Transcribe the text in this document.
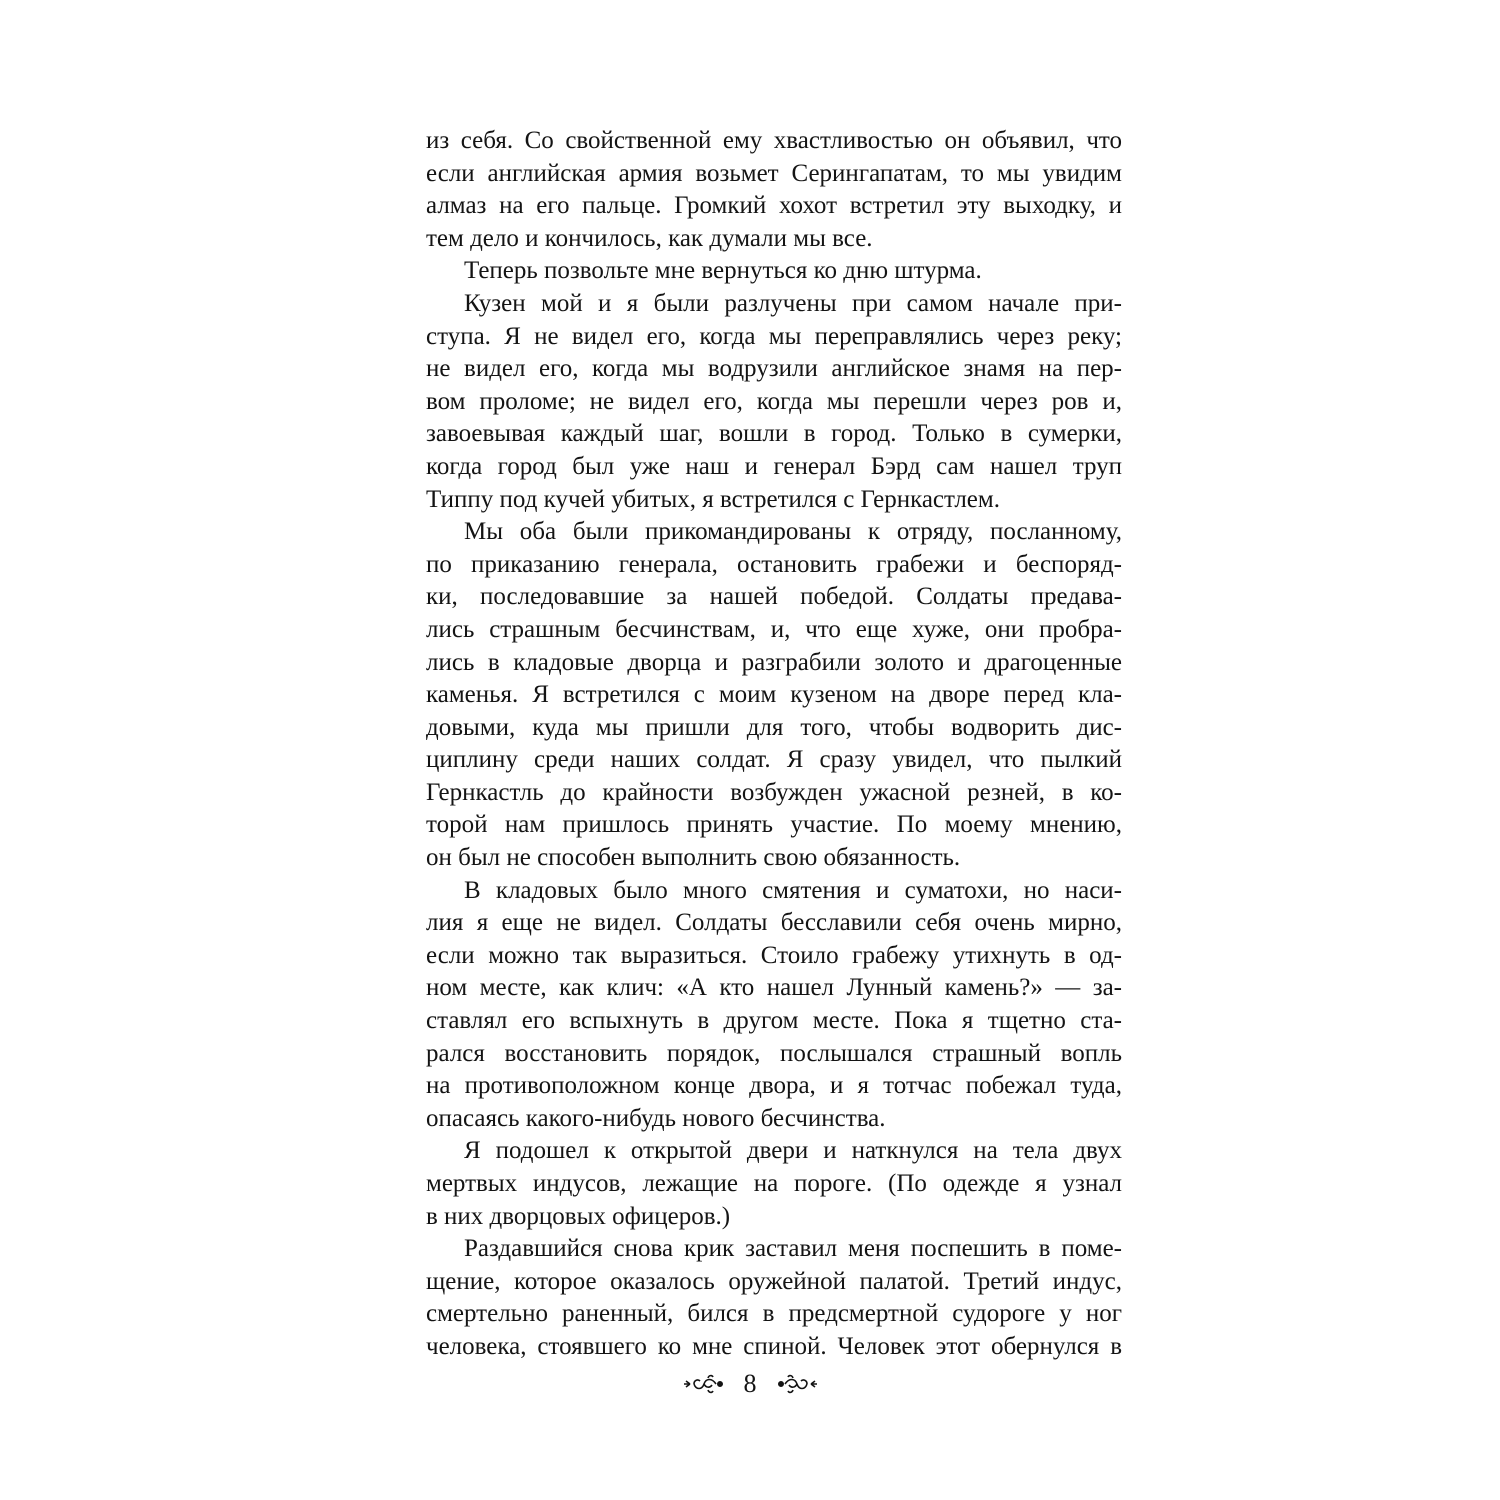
из себя. Со свойственной ему хвастливостью он объявил, что
если английская армия возьмет Серингапатам, то мы увидим
алмаз на его пальце. Громкий хохот встретил эту выходку, и
тем дело и кончилось, как думали мы все.

Теперь позвольте мне вернуться ко дню штурма.

Кузен мой и я были разлучены при самом начале при-
ступа. Я не видел его, когда мы переправлялись через реку;
не видел его, когда мы водрузили английское знамя на пер-
вом проломе; не видел его, когда мы перешли через ров и,
завоевывая каждый шаг, вошли в город. Только в сумерки,
когда город был уже наш и генерал Бэрд сам нашел труп
Типпу под кучей убитых, я встретился с Гернкастлем.

Мы оба были прикомандированы к отряду, посланному,
по приказанию генерала, остановить грабежи и беспоряд-
ки, последовавшие за нашей победой. Солдаты предава-
лись страшным бесчинствам, и, что еще хуже, они пробра-
лись в кладовые дворца и разграбили золото и драгоценные
каменья. Я встретился с моим кузеном на дворе перед кла-
довыми, куда мы пришли для того, чтобы водворить дис-
циплину среди наших солдат. Я сразу увидел, что пылкий
Гернкастль до крайности возбужден ужасной резней, в ко-
торой нам пришлось принять участие. По моему мнению,
он был не способен выполнить свою обязанность.

В кладовых было много смятения и суматохи, но наси-
лия я еще не видел. Солдаты бесславили себя очень мирно,
если можно так выразиться. Стоило грабежу утихнуть в од-
ном месте, как клич: «А кто нашел Лунный камень?» — за-
ставлял его вспыхнуть в другом месте. Пока я тщетно ста-
рался восстановить порядок, послышался страшный вопль
на противоположном конце двора, и я тотчас побежал туда,
опасаясь какого-нибудь нового бесчинства.

Я подошел к открытой двери и наткнулся на тела двух
мертвых индусов, лежащие на пороге. (По одежде я узнал
в них дворцовых офицеров.)

Раздавшийся снова крик заставил меня поспешить в поме-
щение, которое оказалось оружейной палатой. Третий индус,
смертельно раненный, бился в предсмертной судороге у ног
человека, стоявшего ко мне спиной. Человек этот обернулся в

8
